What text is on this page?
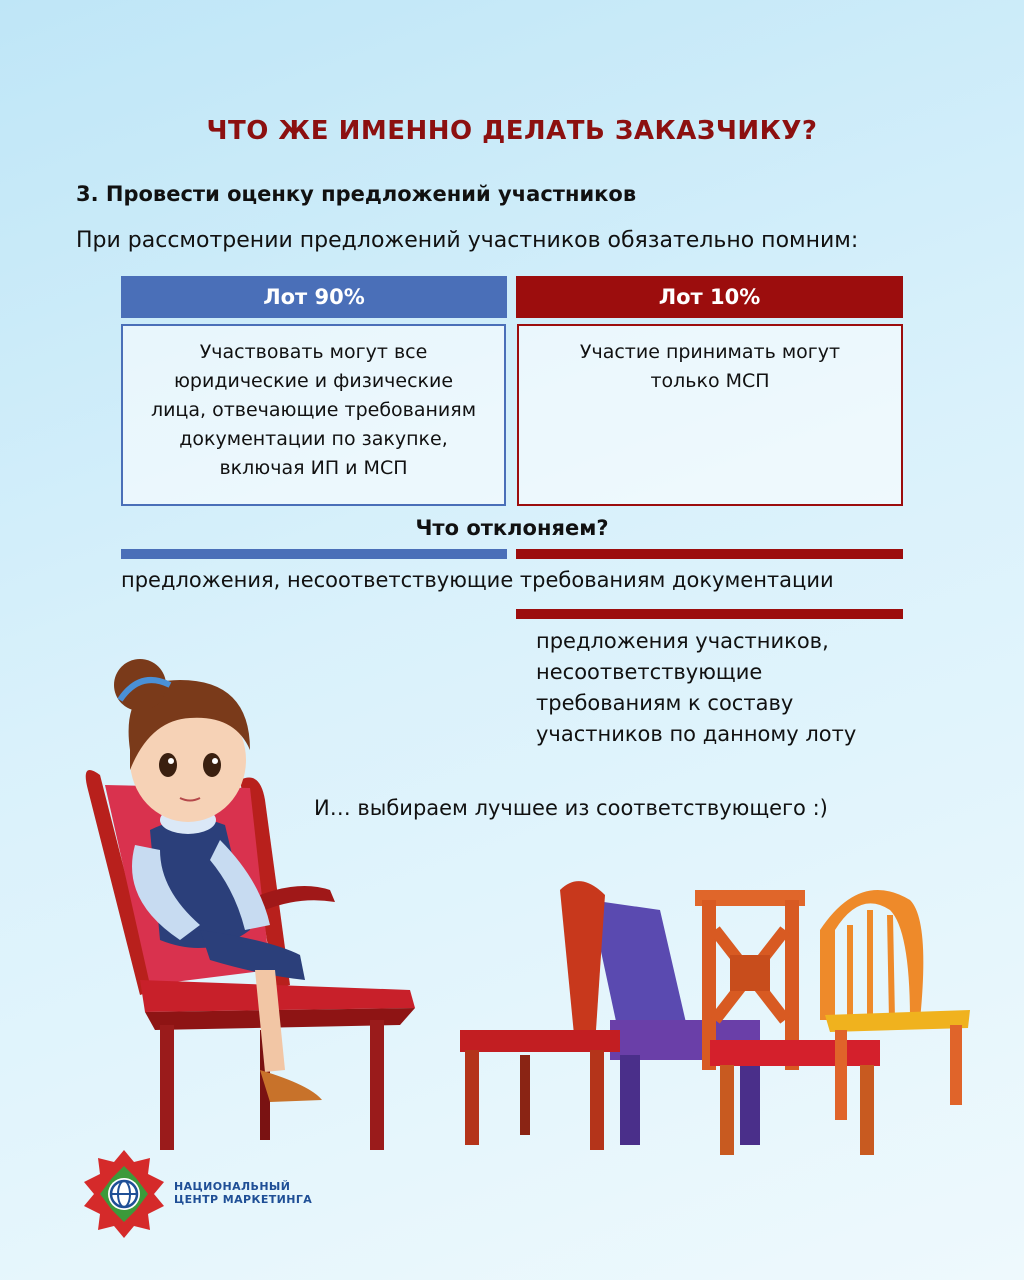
ЧТО ЖЕ ИМЕННО ДЕЛАТЬ ЗАКАЗЧИКУ?
3. Провести оценку предложений участников
При рассмотрении предложений участников обязательно помним:
Лот 90%	Лот 10%
Участвовать могут все
юридические и физические
лица, отвечающие требованиям
документации по закупке,
включая ИП и МСП
Участие принимать могут
только МСП
Что отклоняем?
предложения, несоответствующие требованиям документации
предложения участников,
несоответствующие
требованиям к составу
участников по данному лоту
И… выбираем лучшее из соответствующего :)
НАЦИОНАЛЬНЫЙ
ЦЕНТР МАРКЕТИНГА
